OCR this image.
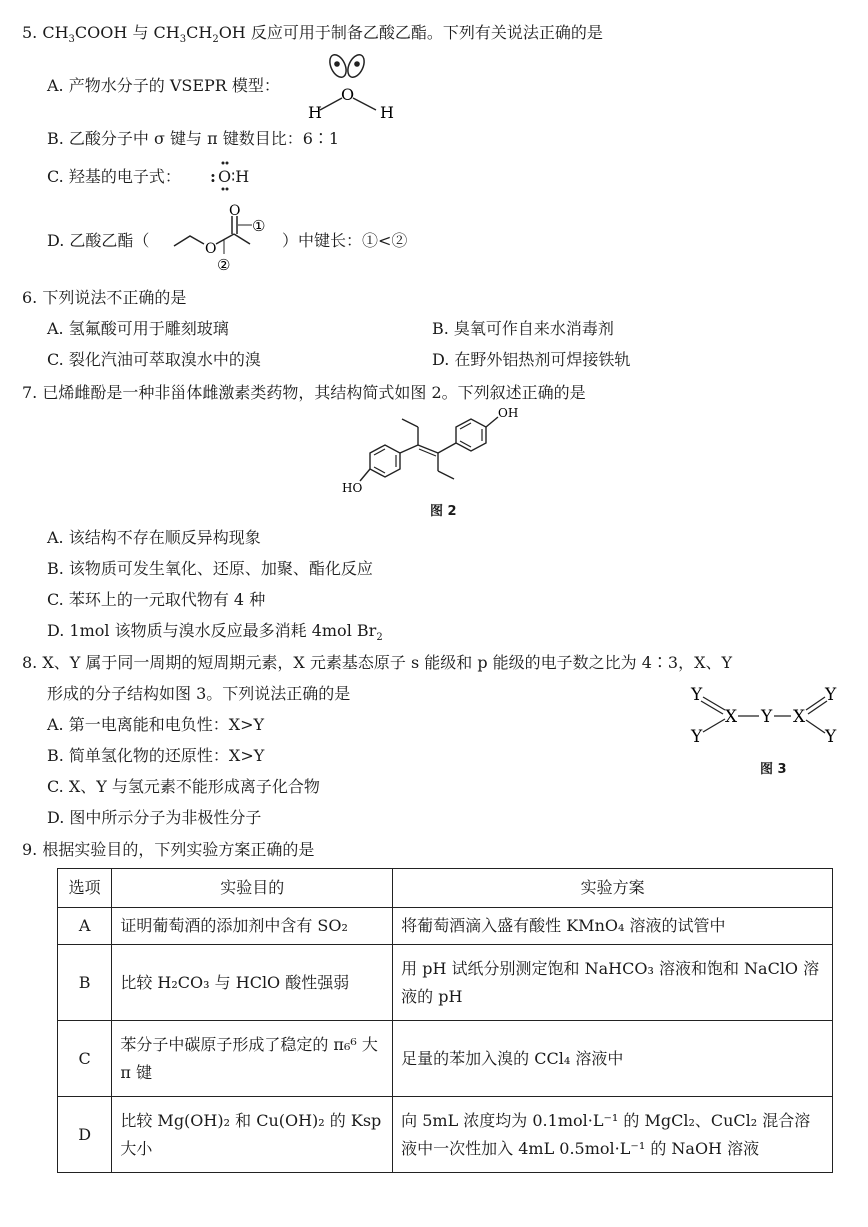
5. $CH_3COOH$ 与 $CH_3CH_2OH$ 反应可用于制备乙酸乙酯。下列有关说法正确的是
A. 产物水分子的 VSEPR 模型：	O
H	H
B. 乙酸分子中 σ 键与 π 键数目比：6∶1
C. 羟基的电子式： : O∶H
D. 乙酸乙酯（	O
O
①
②
）中键长：①<②
6. 下列说法不正确的是
A. 氢氟酸可用于雕刻玻璃	B. 臭氧可作自来水消毒剂
C. 裂化汽油可萃取溴水中的溴	D. 在野外铝热剂可焊接铁轨
7. 已烯雌酚是一种非甾体雌激素类药物，其结构简式如图 2。下列叙述正确的是
HO
OH
图 2
A. 该结构不存在顺反异构现象
B. 该物质可发生氧化、还原、加聚、酯化反应
C. 苯环上的一元取代物有 4 种
D. 1mol 该物质与溴水反应最多消耗 4mol $Br_2$
8. X、Y 属于同一周期的短周期元素，X 元素基态原子 s 能级和 p 能级的电子数之比为 4∶3，X、Y
形成的分子结构如图 3。下列说法正确的是	Y
Y
X Y X
Y
Y
图 3
A. 第一电离能和电负性：X>Y
B. 简单氢化物的还原性：X>Y
C. X、Y 与氢元素不能形成离子化合物
D. 图中所示分子为非极性分子
9. 根据实验目的，下列实验方案正确的是
选项	实验目的	实验方案
A	证明葡萄酒的添加剂中含有 SO₂	将葡萄酒滴入盛有酸性 KMnO₄ 溶液的试管中
B	比较 H₂CO₃ 与 HClO 酸性强弱	用 pH 试纸分别测定饱和 NaHCO₃ 溶液和饱和 NaClO 溶液的 pH
C	苯分子中碳原子形成了稳定的 π₆⁶ 大 π 键	足量的苯加入溴的 CCl₄ 溶液中
D	比较 Mg(OH)₂ 和 Cu(OH)₂ 的 Ksp 大小	向 5mL 浓度均为 0.1mol·L⁻¹ 的 MgCl₂、CuCl₂ 混合溶液中一次性加入 4mL 0.5mol·L⁻¹ 的 NaOH 溶液
